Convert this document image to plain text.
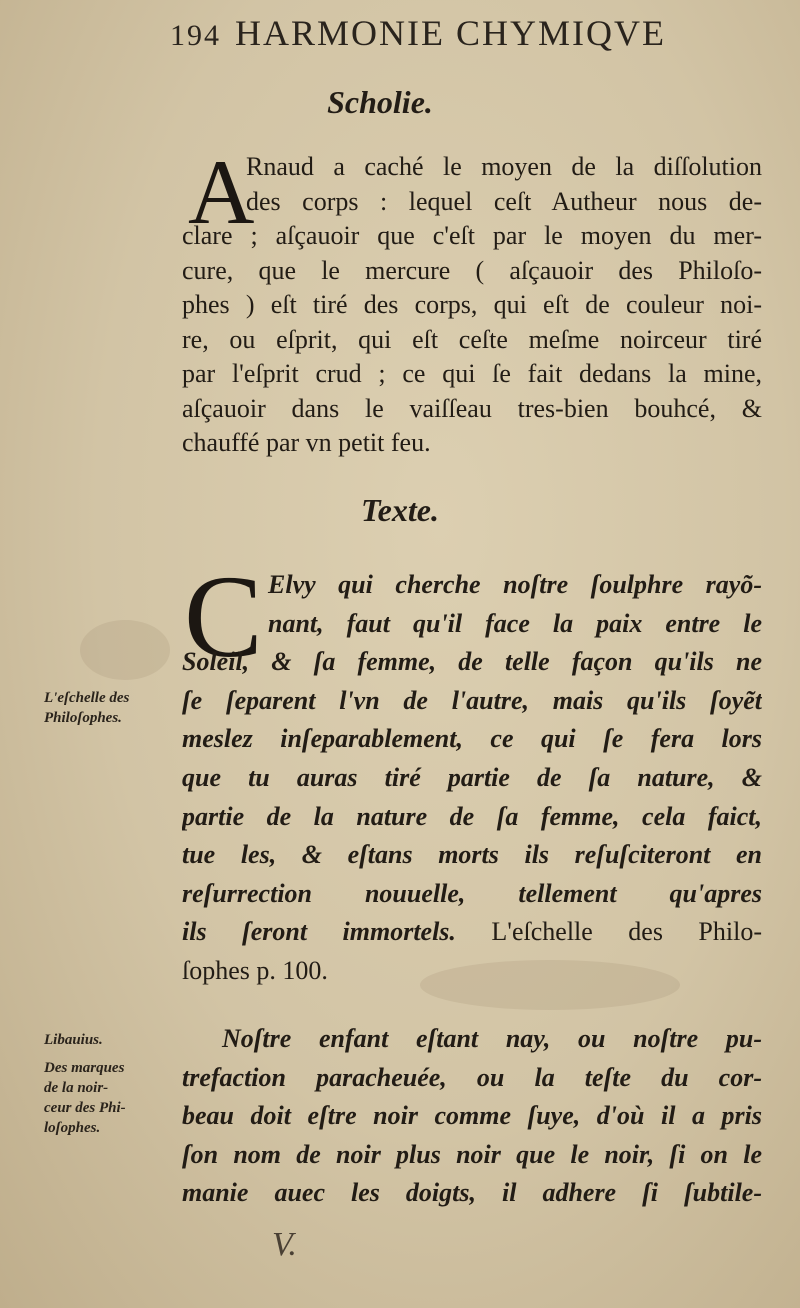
194 HARMONIE CHYMIQVE
Scholie.
A
Rnaud a caché le moyen de la diſſolution
des corps : lequel ceſt Autheur nous de-
clare ; aſçauoir que c'eſt par le moyen du mer-
cure, que le mercure ( aſçauoir des Philoſo-
phes ) eſt tiré des corps, qui eſt de couleur noi-
re, ou eſprit, qui eſt ceſte meſme noirceur tiré
par l'eſprit crud ; ce qui ſe fait dedans la mine,
aſçauoir dans le vaiſſeau tres-bien bouhcé, &
chauffé par vn petit feu.
Texte.
C Elvy qui cherche noſtre ſoulphre rayõ-
nant, faut qu'il face la paix entre le
Soleil, & ſa femme, de telle façon qu'ils ne
ſe ſeparent l'vn de l'autre, mais qu'ils ſoyẽt
meslez inſeparablement, ce qui ſe fera lors
que tu auras tiré partie de ſa nature, &
partie de la nature de ſa femme, cela faict,
tue les, & eſtans morts ils reſuſciteront en
reſurrection nouuelle, tellement qu'apres
ils ſeront immortels. L'eſchelle des Philo-
ſophes p. 100.
Noſtre enfant eſtant nay, ou noſtre pu-
trefaction paracheuée, ou la teſte du cor-
beau doit eſtre noir comme ſuye, d'où il a pris
ſon nom de noir plus noir que le noir, ſi on le
manie auec les doigts, il adhere ſi ſubtile-
L'eſchelle des
Philoſophes.
Libauius.
Des marques
de la noir-
ceur des Phi-
loſophes.
V.
